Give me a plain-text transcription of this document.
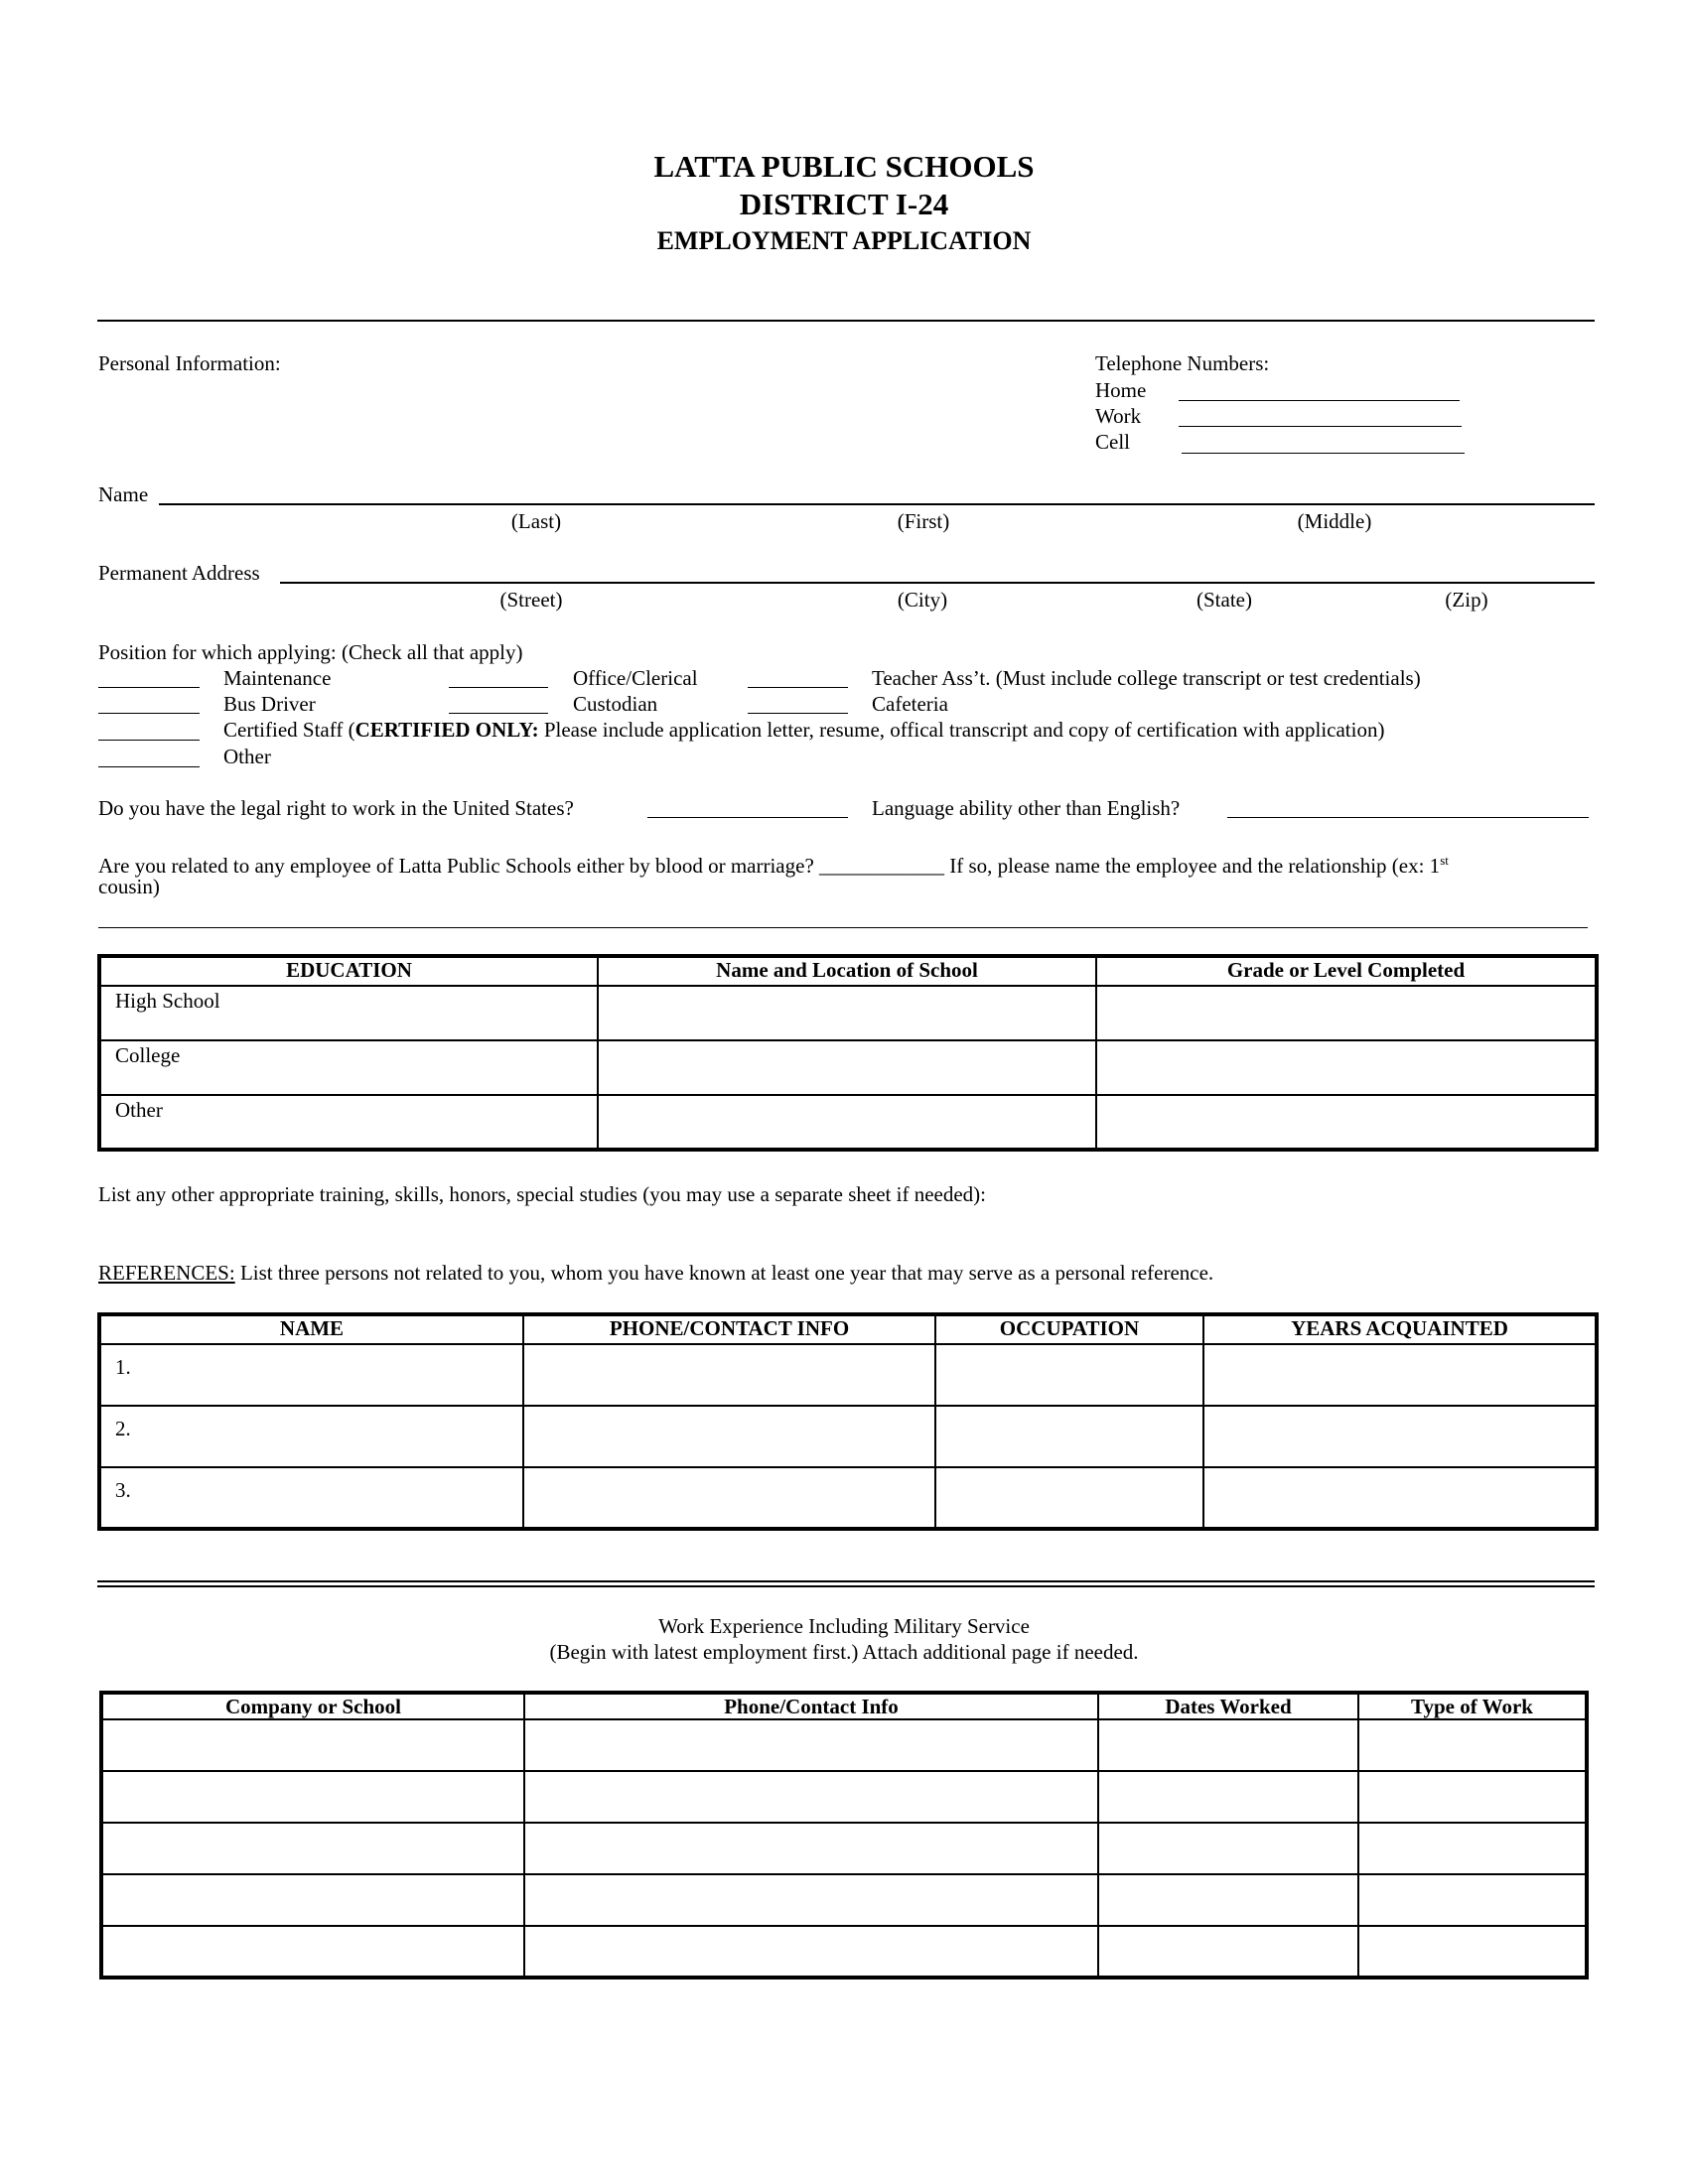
LATTA PUBLIC SCHOOLS
DISTRICT I-24
EMPLOYMENT APPLICATION
Personal Information:	Telephone Numbers:
Home
Work
Cell
Name
(Last)	(First)	(Middle)
Permanent Address
(Street)	(City)	(State)	(Zip)
Position for which applying: (Check all that apply)
Maintenance	Office/Clerical	Teacher Ass’t. (Must include college transcript or test credentials)
Bus Driver	Custodian	Cafeteria
Certified Staff (CERTIFIED ONLY: Please include application letter, resume, offical transcript and copy of certification with application)
Other
Do you have the legal right to work in the United States?	Language ability other than English?
Are you related to any employee of Latta Public Schools either by blood or marriage? ____________ If so, please name the employee and the relationship (ex: 1st
cousin)
EDUCATION	Name and Location of School	Grade or Level Completed

High School		

College		

Other		

List any other appropriate training, skills, honors, special studies (you may use a separate sheet if needed):
REFERENCES: List three persons not related to you, whom you have known at least one year that may serve as a personal reference.
NAME	PHONE/CONTACT INFO	OCCUPATION	YEARS ACQUAINTED

1.			

2.			

3.			

Work Experience Including Military Service
(Begin with latest employment first.) Attach additional page if needed.
Company or School	Phone/Contact Info	Dates Worked	Type of Work
